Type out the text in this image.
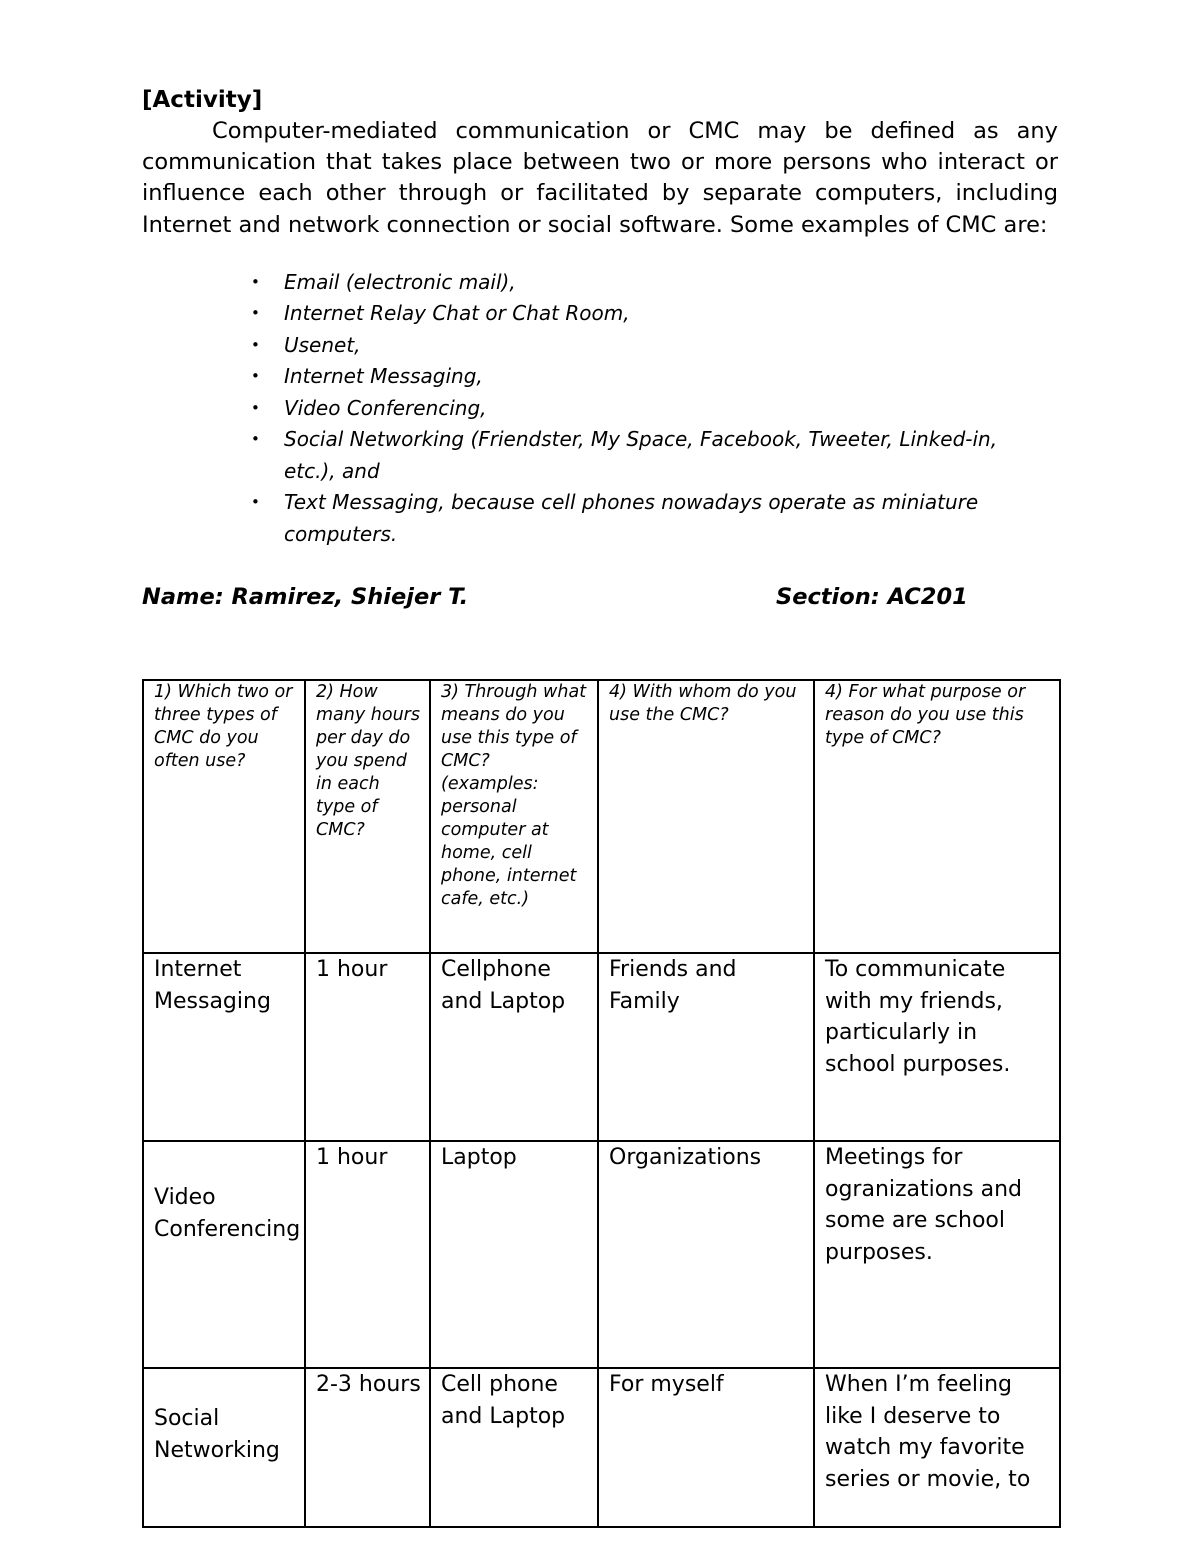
[Activity]

Computer-mediated communication or CMC may be defined as any communication that takes place between two or more persons who interact or influence each other through or facilitated by separate computers, including Internet and network connection or social software. Some examples of CMC are:

• Email (electronic mail),
• Internet Relay Chat or Chat Room,
• Usenet,
• Internet Messaging,
• Video Conferencing,
• Social Networking (Friendster, My Space, Facebook, Tweeter, Linked-in, etc.), and
• Text Messaging, because cell phones nowadays operate as miniature computers.
Name: Ramirez, Shiejer T.	Section: AC201
1) Which two or three types of CMC do you often use?	2) How many hours per day do you spend in each type of CMC?	3) Through what means do you use this type of CMC? (examples: personal computer at home, cell phone, internet cafe, etc.)	4) With whom do you use the CMC?	4) For what purpose or reason do you use this type of CMC?
Internet Messaging	1 hour	Cellphone and Laptop	Friends and Family	To communicate with my friends, particularly in school purposes.
Video Conferencing	1 hour	Laptop	Organizations	Meetings for ogranizations and some are school purposes.
Social Networking	2-3 hours	Cell phone and Laptop	For myself	When I’m feeling like I deserve to watch my favorite series or movie, to
